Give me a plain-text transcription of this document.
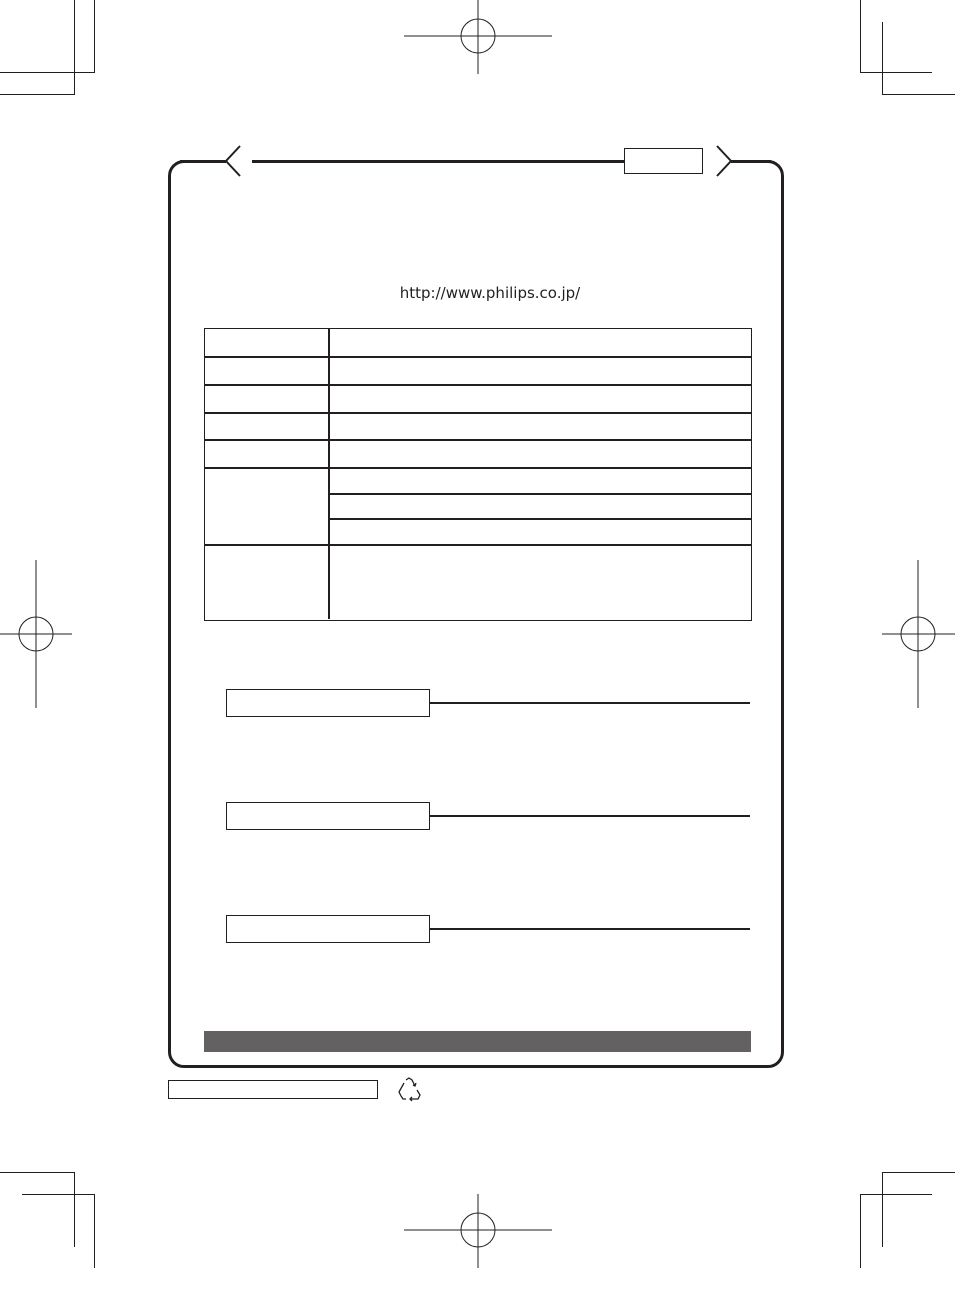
http://www.philips.co.jp/
